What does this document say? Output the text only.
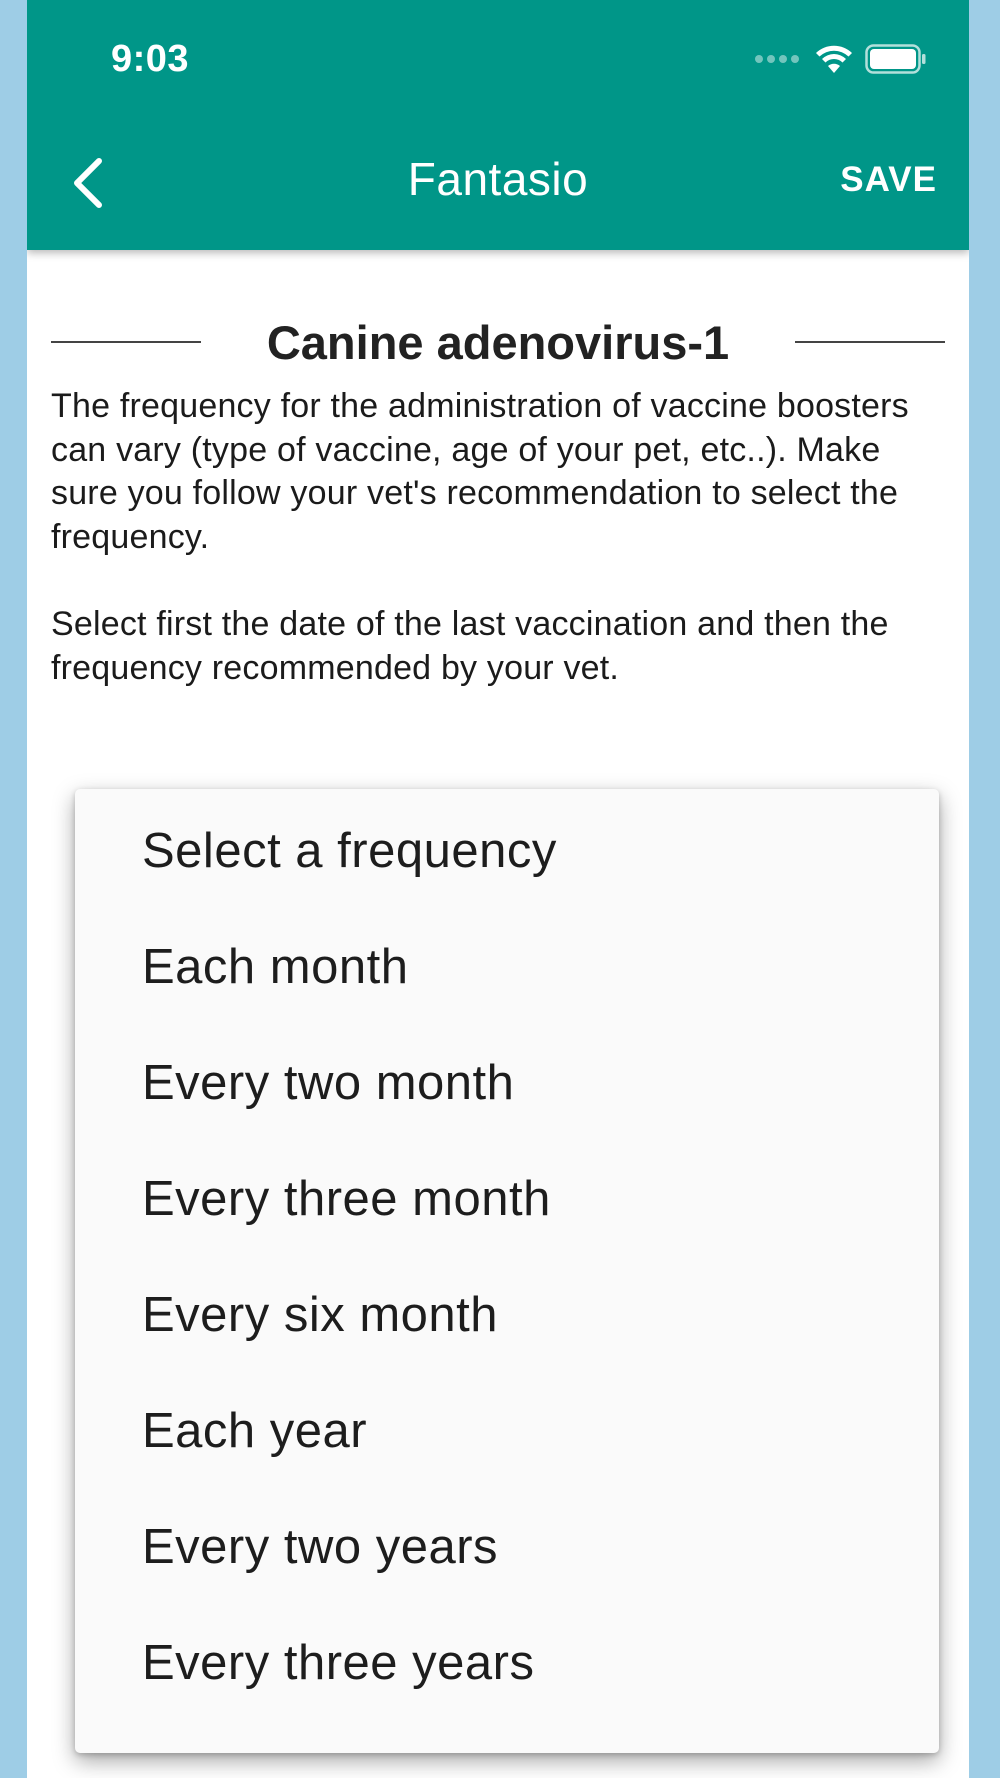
9:03
Fantasio	SAVE
Canine adenovirus-1
The frequency for the administration of vaccine boosters can vary (type of vaccine, age of your pet, etc..). Make sure you follow your vet's recommendation to select the frequency.
Select first the date of the last vaccination and then the frequency recommended by your vet.
Select a frequency
Each month
Every two month
Every three month
Every six month
Each year
Every two years
Every three years
